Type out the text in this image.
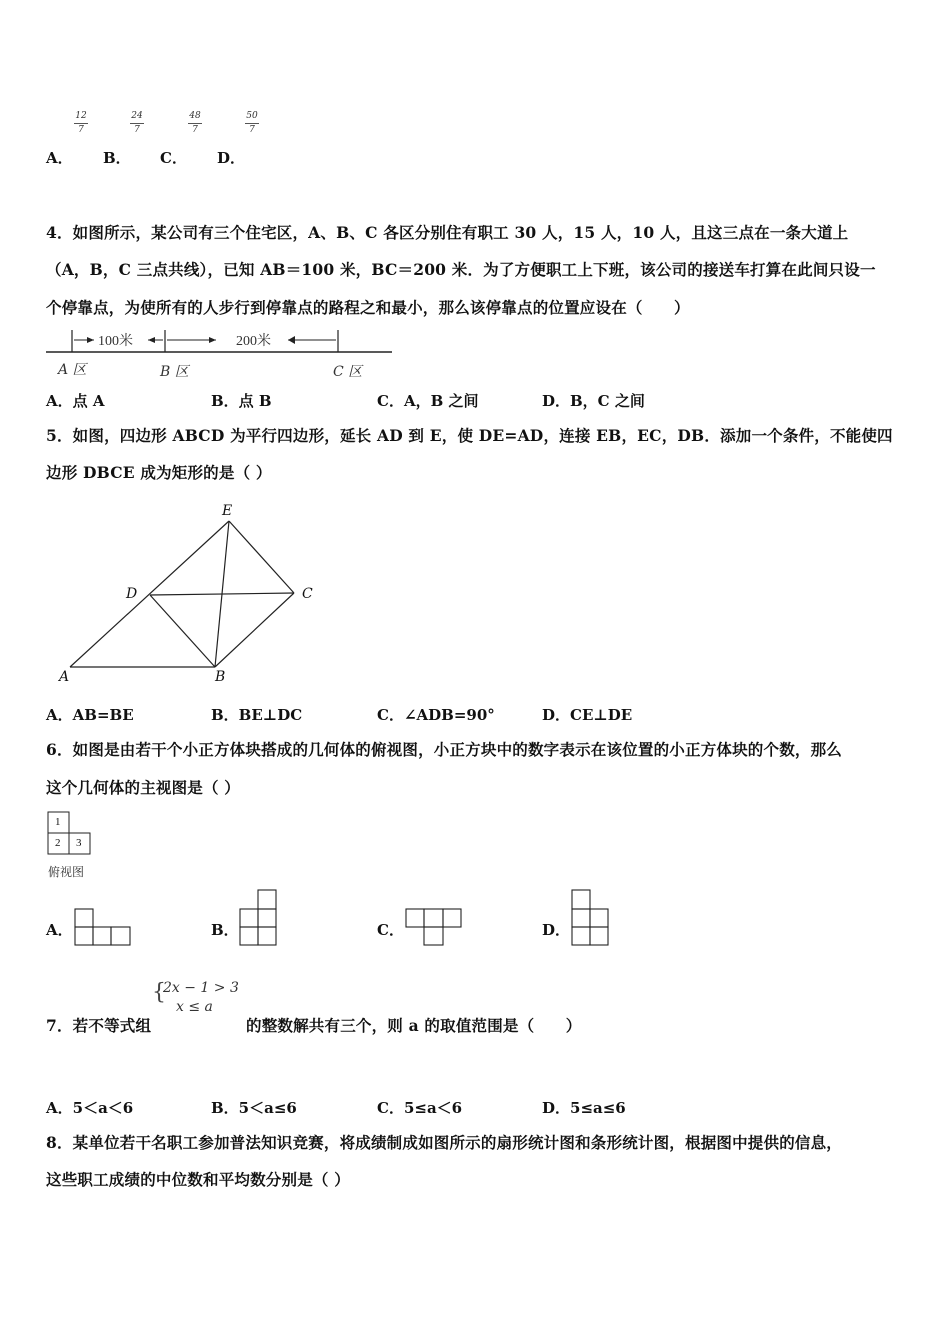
12
7
24
7
48
7
50
7
A． B． C． D．
4．如图所示，某公司有三个住宅区，A、B、C 各区分别住有职工 30 人，15 人，10 人，且这三点在一条大道上
（A，B，C 三点共线），已知 AB＝100 米，BC＝200 米．为了方便职工上下班，该公司的接送车打算在此间只设一
个停靠点，为使所有的人步行到停靠点的路程之和最小，那么该停靠点的位置应设在（　　）
100米	200米
A 区	B 区	C 区
A．点 A	B．点 B	C．A，B 之间	D．B，C 之间
5．如图，四边形 ABCD 为平行四边形，延长 AD 到 E，使 DE=AD，连接 EB，EC，DB．添加一个条件，不能使四
边形 DBCE 成为矩形的是（ ）
E
D	C
A	B
A．AB=BE	B．BE⊥DC	C．∠ADB=90°	D．CE⊥DE
6．如图是由若干个小正方体块搭成的几何体的俯视图，小正方块中的数字表示在该位置的小正方体块的个数，那么
这个几何体的主视图是（ ）
1
2 3
俯视图
A．	B．	C．	D．
{
2𝑥 − 1 > 3
𝑥 ≤ 𝑎
7．若不等式组	的整数解共有三个，则 a 的取值范围是（　　）
A．5＜a＜6	B．5＜a≤6	C．5≤a＜6	D．5≤a≤6
8．某单位若干名职工参加普法知识竞赛，将成绩制成如图所示的扇形统计图和条形统计图，根据图中提供的信息，
这些职工成绩的中位数和平均数分别是（ ）
